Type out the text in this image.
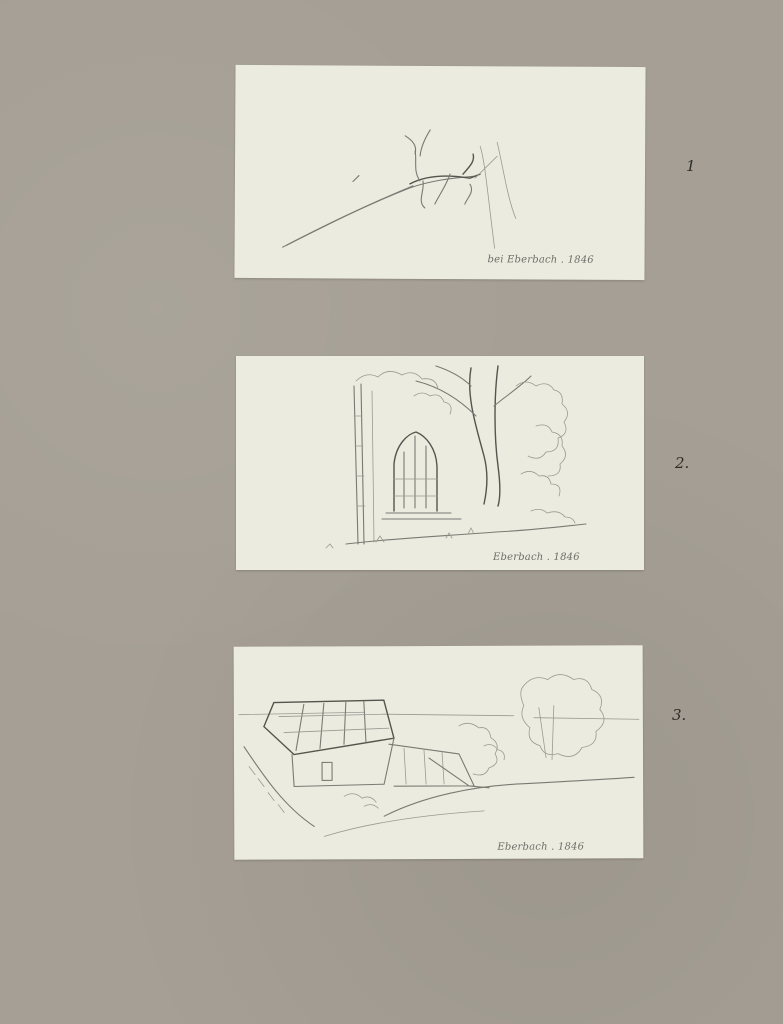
bei Eberbach . 1846
1
Eberbach . 1846
2.
Eberbach . 1846
3.
